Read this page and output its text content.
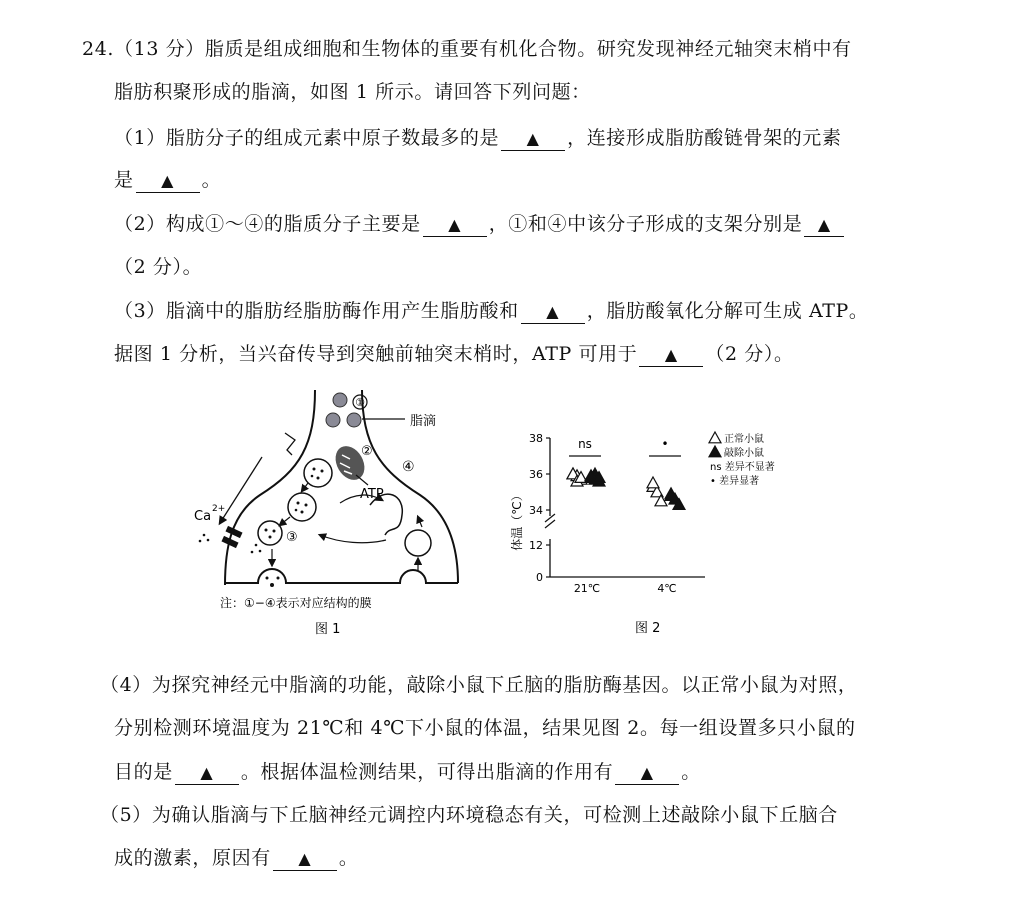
24.（13 分）脂质是组成细胞和生物体的重要有机化合物。研究发现神经元轴突末梢中有
脂肪积聚形成的脂滴，如图 1 所示。请回答下列问题：
（1）脂肪分子的组成元素中原子数最多的是 ▲ ，连接形成脂肪酸链骨架的元素
是 ▲ 。
（2）构成①～④的脂质分子主要是 ▲ ，①和④中该分子形成的支架分别是 ▲
（2 分）。
（3）脂滴中的脂肪经脂肪酶作用产生脂肪酸和 ▲ ，脂肪酸氧化分解可生成 ATP。
据图 1 分析，当兴奋传导到突触前轴突末梢时，ATP 可用于 ▲ （2 分）。
①
脂滴
②
④
ATP
③
Ca 2+
注：①−④表示对应结构的膜
图 1
体温（℃）
0
12
34
36
38
21℃	4℃
ns	•	正常小鼠
敲除小鼠
ns 差异不显著
• 差异显著
图 2
（4）为探究神经元中脂滴的功能，敲除小鼠下丘脑的脂肪酶基因。以正常小鼠为对照，
分别检测环境温度为 21℃和 4℃下小鼠的体温，结果见图 2。每一组设置多只小鼠的
目的是 ▲ 。根据体温检测结果，可得出脂滴的作用有 ▲ 。
（5）为确认脂滴与下丘脑神经元调控内环境稳态有关，可检测上述敲除小鼠下丘脑合
成的激素，原因有 ▲ 。
